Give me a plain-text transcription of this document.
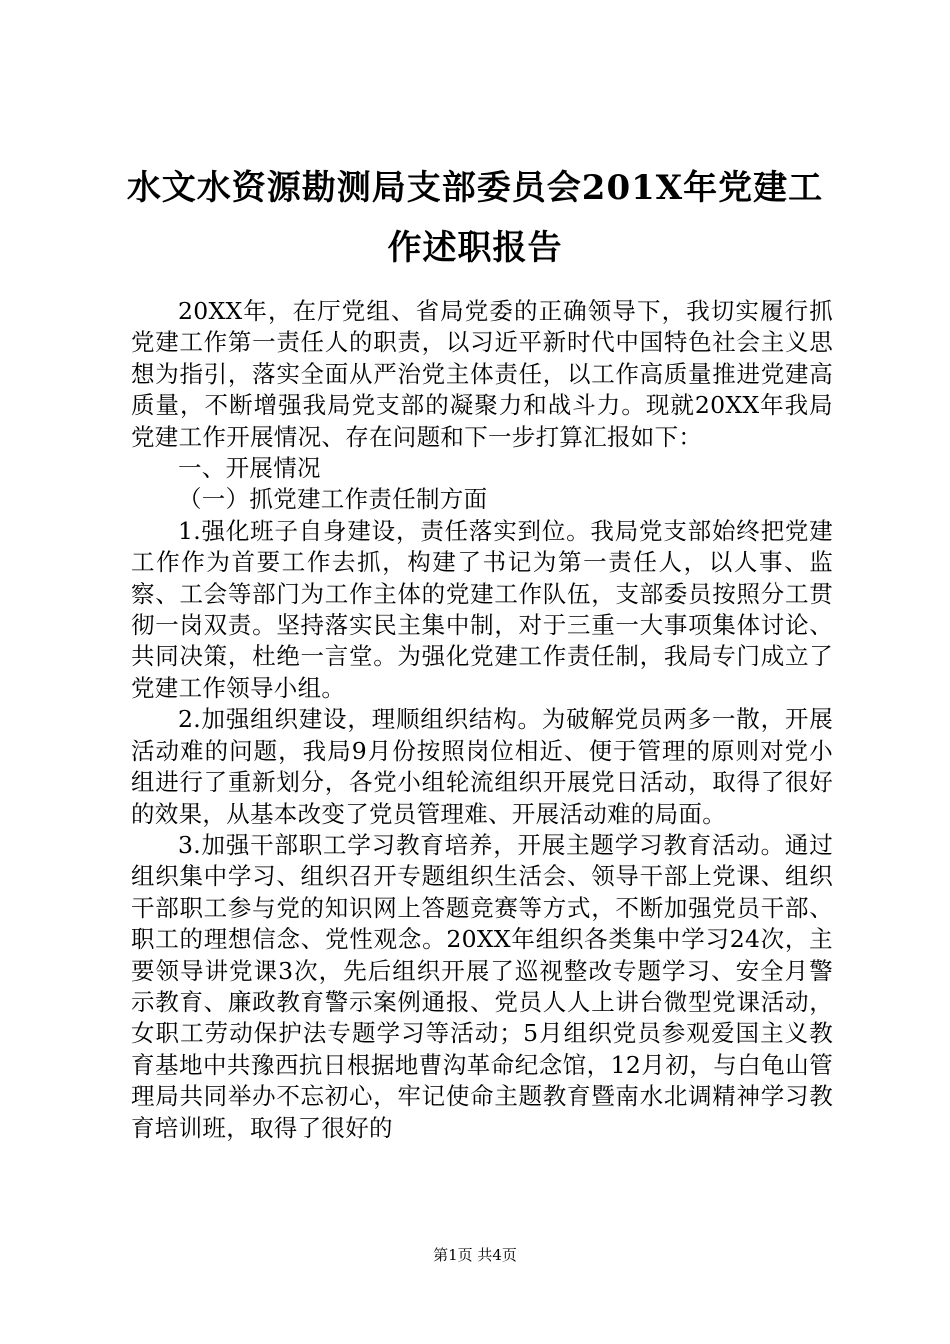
水文水资源勘测局支部委员会201X年党建工
作述职报告

20XX年，在厅党组、省局党委的正确领导下，我切实履行抓党建工作第一责任人的职责，以习近平新时代中国特色社会主义思想为指引，落实全面从严治党主体责任，以工作高质量推进党建高质量，不断增强我局党支部的凝聚力和战斗力。现就20XX年我局党建工作开展情况、存在问题和下一步打算汇报如下：

一、开展情况

（一）抓党建工作责任制方面

1.强化班子自身建设，责任落实到位。我局党支部始终把党建工作作为首要工作去抓，构建了书记为第一责任人，以人事、监察、工会等部门为工作主体的党建工作队伍，支部委员按照分工贯彻一岗双责。坚持落实民主集中制，对于三重一大事项集体讨论、共同决策，杜绝一言堂。为强化党建工作责任制，我局专门成立了党建工作领导小组。

2.加强组织建设，理顺组织结构。为破解党员两多一散，开展活动难的问题，我局9月份按照岗位相近、便于管理的原则对党小组进行了重新划分，各党小组轮流组织开展党日活动，取得了很好的效果，从基本改变了党员管理难、开展活动难的局面。

3.加强干部职工学习教育培养，开展主题学习教育活动。通过组织集中学习、组织召开专题组织生活会、领导干部上党课、组织干部职工参与党的知识网上答题竞赛等方式，不断加强党员干部、职工的理想信念、党性观念。20XX年组织各类集中学习24次，主要领导讲党课3次，先后组织开展了巡视整改专题学习、安全月警示教育、廉政教育警示案例通报、党员人人上讲台微型党课活动，女职工劳动保护法专题学习等活动；5月组织党员参观爱国主义教育基地中共豫西抗日根据地曹沟革命纪念馆，12月初，与白龟山管理局共同举办不忘初心，牢记使命主题教育暨南水北调精神学习教育培训班，取得了很好的

第1页 共4页
